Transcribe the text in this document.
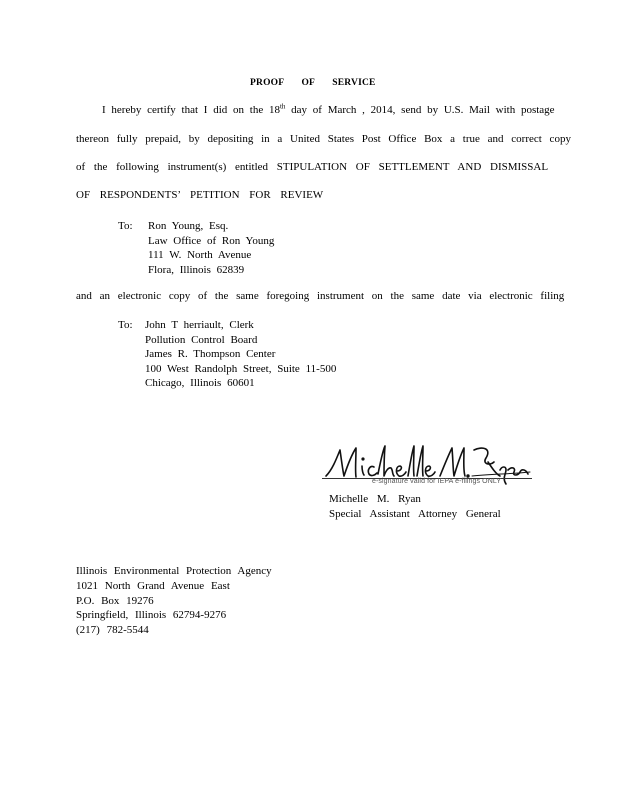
PROOF OF SERVICE
I hereby certify that I did on the 18th day of March , 2014, send by U.S. Mail with postage
thereon fully prepaid, by depositing in a United States Post Office Box a true and correct copy
of the following instrument(s) entitled STIPULATION OF SETTLEMENT AND DISMISSAL
OF RESPONDENTS’ PETITION FOR REVIEW
To: Ron Young, Esq.
Law Office of Ron Young
111 W. North Avenue
Flora, Illinois 62839
and an electronic copy of the same foregoing instrument on the same date via electronic filing
To: John T herriault, Clerk
Pollution Control Board
James R. Thompson Center
100 West Randolph Street, Suite 11-500
Chicago, Illinois 60601
e-signature valid for IEPA e-filings ONLY
Michelle M. Ryan
Special Assistant Attorney General
Illinois Environmental Protection Agency
1021 North Grand Avenue East
P.O. Box 19276
Springfield, Illinois 62794-9276
(217) 782-5544
